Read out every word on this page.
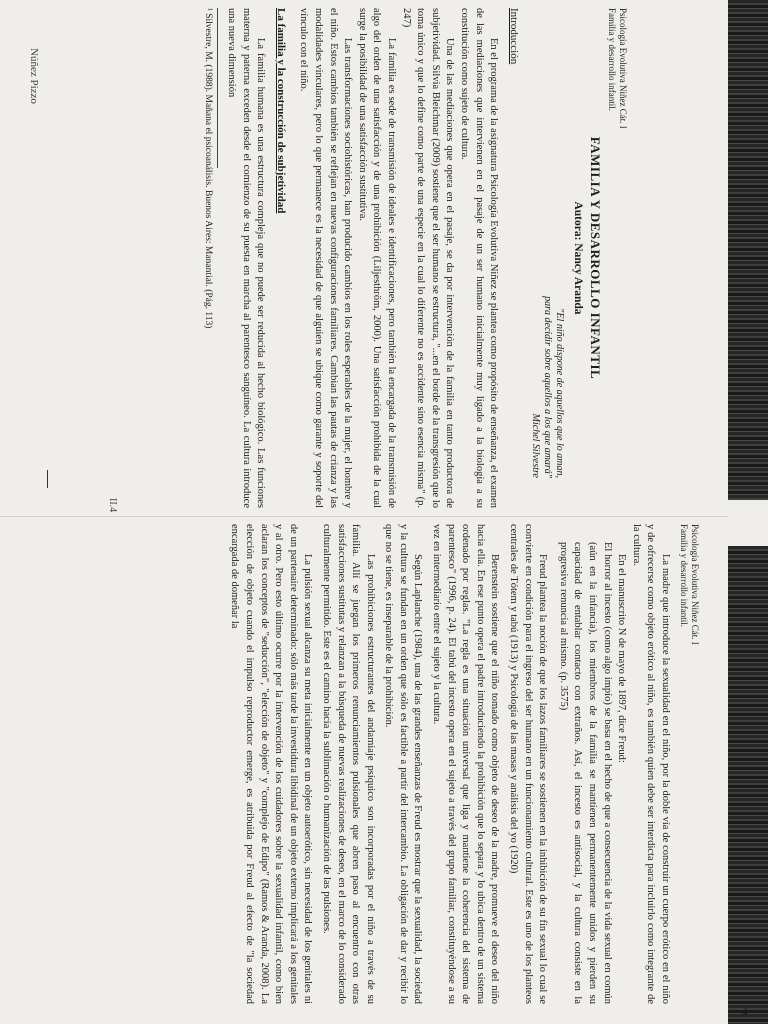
Núñez Pizzo
II.4
Psicología Evolutiva Niñez Cát. I
Familia y desarrollo infantil.
FAMILIA Y DESARROLLO INFANTIL
Autora: Nancy Aranda
"El niño dispone de aquellos que lo aman,
para decidir sobre aquellos a los que amará"
Michel Silvestre
Introducción

En el programa de la asignatura Psicología Evolutiva Niñez se plantea como propósito de enseñanza, el examen de las mediaciones que intervienen en el pasaje de un ser humano inicialmente muy ligado a la biología a su constitución como sujeto de cultura.

Una de las mediaciones que opera en el pasaje, se da por intervención de la familia en tanto productora de subjetividad. Silvia Bleichmar (2009) sostiene que el ser humano se estructura, "...en el borde de la transgresión que lo toma único y que lo define como parte de una especie en la cual lo diferente no es accidente sino esencia misma" (p. 247)

La familia es sede de transmisión de ideales e identificaciones, pero también la encargada de la transmisión de algo del orden de una satisfacción y de una prohibición (Liljesthröm, 2000). Una satisfacción prohibida de la cual surge la posibilidad de una satisfacción sustitutiva.

Las transformaciones sociohistóricas, han producido cambios en los roles esperables de la mujer, el hombre y el niño. Estos cambios también se reflejan en nuevas configuraciones familiares. Cambian las pautas de crianza y las modalidades vinculares, pero lo que permanece es la necesidad de que alguien se ubique como garante y soporte del vínculo con el niño.

La familia y la construcción de subjetividad

La familia humana es una estructura compleja que no puede ser reducida al hecho biológico. Las funciones materna y paterna exceden desde el comienzo de su puesta en marcha al parentesco sanguíneo. La cultura introduce una nueva dimensión

¹ Silvestre, M. (1988). Mañana el psicoanálisis. Buenos Aires: Manantial. (Pág. 113)

Psicología Evolutiva Niñez Cát. I
Familia y desarrollo infantil.

La madre que introduce la sexualidad en el niño, por la doble vía de construir un cuerpo erótico en el niño y de ofrecerse como objeto erótico al niño, es también quien debe ser interdicta para incluirlo como integrante de la cultura.

En el manuscrito N de mayo de 1897, dice Freud:

El horror al incesto (como algo impío) se basa en el hecho de que a consecuencia de la vida sexual en común (aún en la infancia), los miembros de la familia se mantienen permanentemente unidos y pierden su capacidad de entablar contacto con extraños. Así, el incesto es antisocial, y la cultura consiste en la progresiva renuncia al mismo. (p. 3575)

Freud plantea la noción de que los lazos familiares se sostienen en la inhibición de su fin sexual lo cual se convierte en condición para el ingreso del ser humano en un funcionamiento cultural. Este es uno de los planteos centrales de Tótem y tabú (1913) y Psicología de las masas y análisis del yo (1920)

Berenstein sostiene que el niño tomado como objeto de deseo de la madre, promueve el deseo del niño hacia ella. En ese punto opera el padre introduciendo la prohibición que lo separa y lo ubica dentro de un sistema ordenado por reglas. "La regla es una situación universal que liga y mantiene la coherencia del sistema de parentesco" (1996, p. 24). El tabú del incesto opera en el sujeto a través del grupo familiar, constituyéndose a su vez en intermediario entre el sujeto y la cultura.

Según Laplanche (1984), una de las grandes enseñanzas de Freud es mostrar que la sexualidad, la sociedad y la cultura se fundan en un orden que sólo es factible a partir del intercambio. La obligación de dar y recibir lo que no se tiene, es inseparable de la prohibición.

Las prohibiciones estructurantes del andamiaje psíquico son incorporadas por el niño a través de su familia. Allí se juegan los primeros renunciamientos pulsionales que abren paso al encuentro con otras satisfacciones sustitutas y relanzan a la búsqueda de nuevas realizaciones de deseo, en el marco de lo considerado culturalmente permitido. Este es el camino hacia la sublimación o humanización de las pulsiones.

La pulsión sexual alcanza su meta inicialmente en un objeto autoerótico, sin necesidad de los genitales ni de un partenaire determinado: sólo más tarde la investidura libidinal de un objeto externo implicará a los genitales y al otro. Pero esto último ocurre por la intervención de los cuidadores sobre la sexualidad infantil, como bien aclaran los conceptos de "seducción", "elección de objeto" y "complejo de Edipo" (Ramos & Aranda, 2008). La elección de objeto cuando el impulso reproductor emerge, es atribuida por Freud al efecto de "la sociedad encargada de domeñar la

4
